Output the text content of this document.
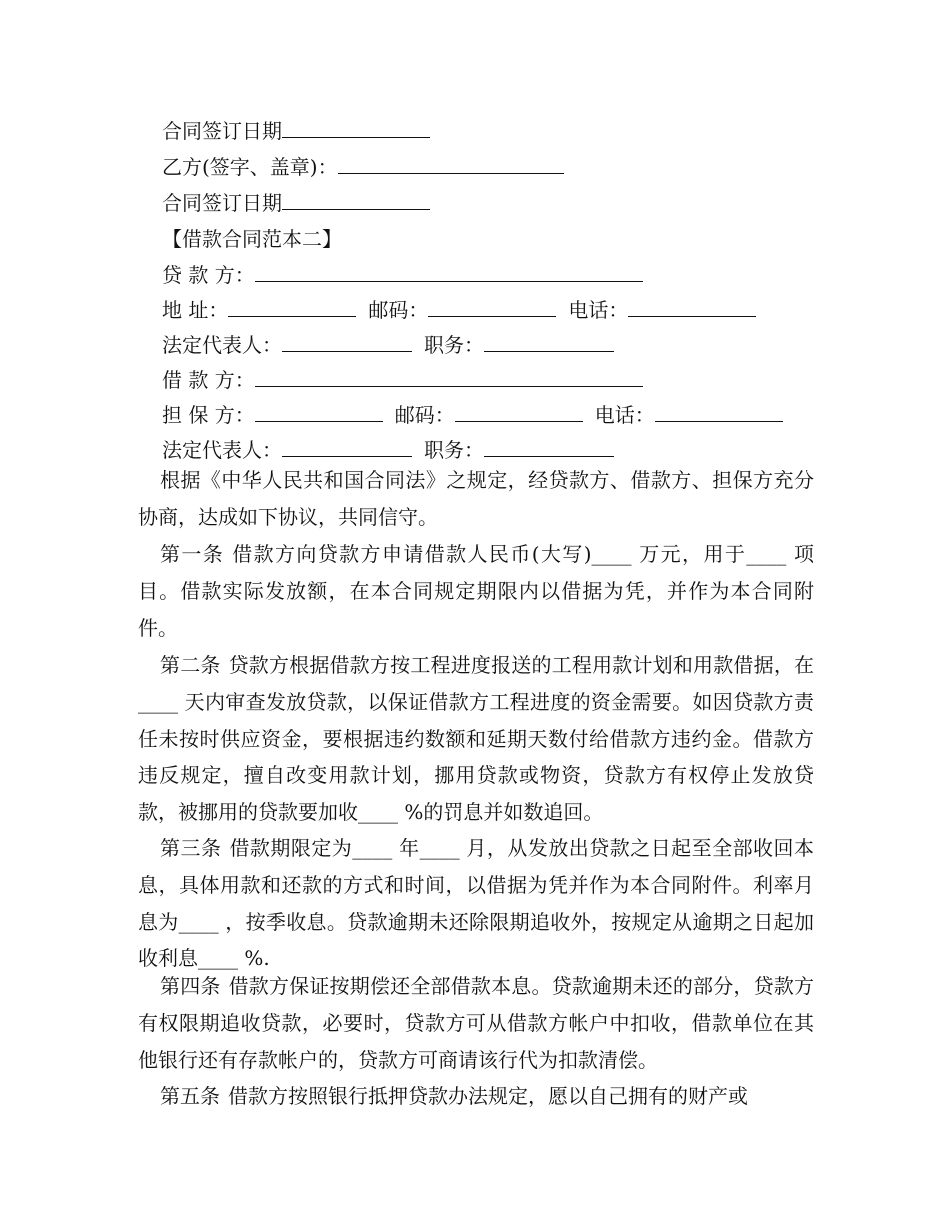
合同签订日期
乙方(签字、盖章)：
合同签订日期
【借款合同范本二】
贷 款 方：
地 址：	邮码：	电话：
法定代表人：	职务：
借 款 方：
担 保 方：	邮码：	电话：
法定代表人：	职务：

根据《中华人民共和国合同法》之规定，经贷款方、借款方、担保方充分协商，达成如下协议，共同信守。

第一条 借款方向贷款方申请借款人民币(大写)____ 万元，用于____ 项目。借款实际发放额，在本合同规定期限内以借据为凭，并作为本合同附件。

第二条 贷款方根据借款方按工程进度报送的工程用款计划和用款借据，在____ 天内审查发放贷款，以保证借款方工程进度的资金需要。如因贷款方责任未按时供应资金，要根据违约数额和延期天数付给借款方违约金。借款方违反规定，擅自改变用款计划，挪用贷款或物资，贷款方有权停止发放贷款，被挪用的贷款要加收____ %的罚息并如数追回。

第三条 借款期限定为____ 年____ 月，从发放出贷款之日起至全部收回本息，具体用款和还款的方式和时间，以借据为凭并作为本合同附件。利率月息为____ ，按季收息。贷款逾期未还除限期追收外，按规定从逾期之日起加收利息____ %.

第四条 借款方保证按期偿还全部借款本息。贷款逾期未还的部分，贷款方有权限期追收贷款，必要时，贷款方可从借款方帐户中扣收，借款单位在其他银行还有存款帐户的，贷款方可商请该行代为扣款清偿。

第五条 借款方按照银行抵押贷款办法规定，愿以自己拥有的财产或
